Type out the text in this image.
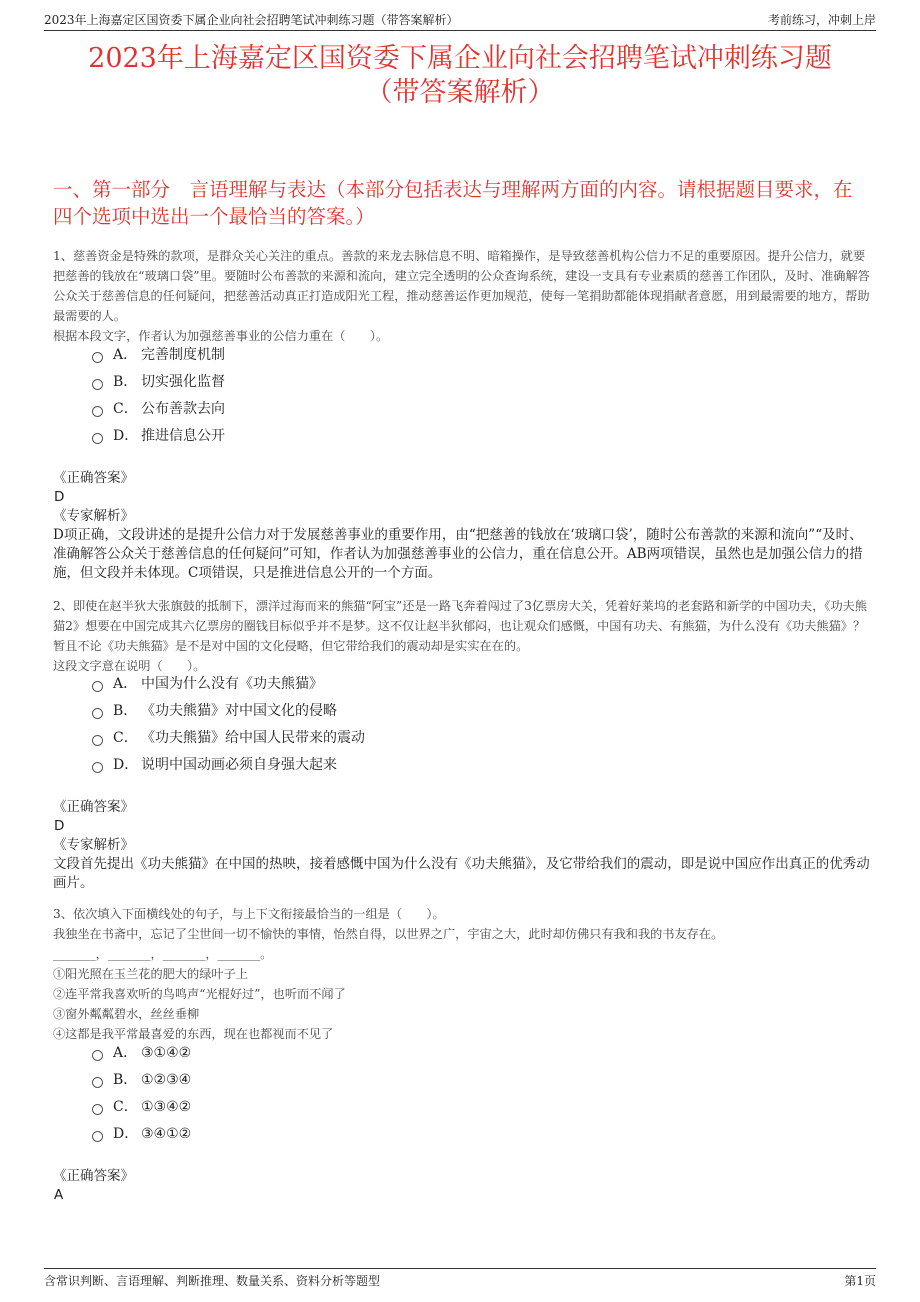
2023年上海嘉定区国资委下属企业向社会招聘笔试冲刺练习题（带答案解析）	考前练习，冲刺上岸
2023年上海嘉定区国资委下属企业向社会招聘笔试冲刺练习题
（带答案解析）
一、第一部分　言语理解与表达（本部分包括表达与理解两方面的内容。请根据题目要求，在四个选项中选出一个最恰当的答案。）

1、慈善资金是特殊的款项，是群众关心关注的重点。善款的来龙去脉信息不明、暗箱操作，是导致慈善机构公信力不足的重要原因。提升公信力，就要把慈善的钱放在“玻璃口袋”里。要随时公布善款的来源和流向，建立完全透明的公众查询系统，建设一支具有专业素质的慈善工作团队，及时、准确解答公众关于慈善信息的任何疑问，把慈善活动真正打造成阳光工程，推动慈善运作更加规范，使每一笔捐助都能体现捐献者意愿，用到最需要的地方，帮助最需要的人。

根据本段文字，作者认为加强慈善事业的公信力重在（　　）。

A． 完善制度机制
B． 切实强化监督
C． 公布善款去向
D． 推进信息公开

《正确答案》

D

《专家解析》

D项正确，文段讲述的是提升公信力对于发展慈善事业的重要作用，由“把慈善的钱放在‘玻璃口袋’，随时公布善款的来源和流向”“及时、准确解答公众关于慈善信息的任何疑问”可知，作者认为加强慈善事业的公信力，重在信息公开。AB两项错误，虽然也是加强公信力的措施，但文段并未体现。C项错误，只是推进信息公开的一个方面。

2、即使在赵半狄大张旗鼓的抵制下，漂洋过海而来的熊猫“阿宝”还是一路飞奔着闯过了3亿票房大关，凭着好莱坞的老套路和新学的中国功夫，《功夫熊猫2》想要在中国完成其六亿票房的圈钱目标似乎并不是梦。这不仅让赵半狄郁闷，也让观众们感慨，中国有功夫、有熊猫，为什么没有《功夫熊猫》？暂且不论《功夫熊猫》是不是对中国的文化侵略，但它带给我们的震动却是实实在在的。

这段文字意在说明（　　）。

A． 中国为什么没有《功夫熊猫》
B． 《功夫熊猫》对中国文化的侵略
C． 《功夫熊猫》给中国人民带来的震动
D． 说明中国动画必须自身强大起来

《正确答案》

D

《专家解析》

文段首先提出《功夫熊猫》在中国的热映，接着感慨中国为什么没有《功夫熊猫》，及它带给我们的震动，即是说中国应作出真正的优秀动画片。

3、依次填入下面横线处的句子，与上下文衔接最恰当的一组是（　　）。

我独坐在书斋中，忘记了尘世间一切不愉快的事情，怡然自得，以世界之广，宇宙之大，此时却仿佛只有我和我的书友存在。

_______，_______，_______，_______。

①阳光照在玉兰花的肥大的绿叶子上

②连平常我喜欢听的鸟鸣声“光棍好过”，也听而不闻了

③窗外粼粼碧水，丝丝垂柳

④这都是我平常最喜爱的东西，现在也都视而不见了

A． ③①④②
B． ①②③④
C． ①③④②
D． ③④①②

《正确答案》

A

含常识判断、言语理解、判断推理、数量关系、资料分析等题型	第1页
